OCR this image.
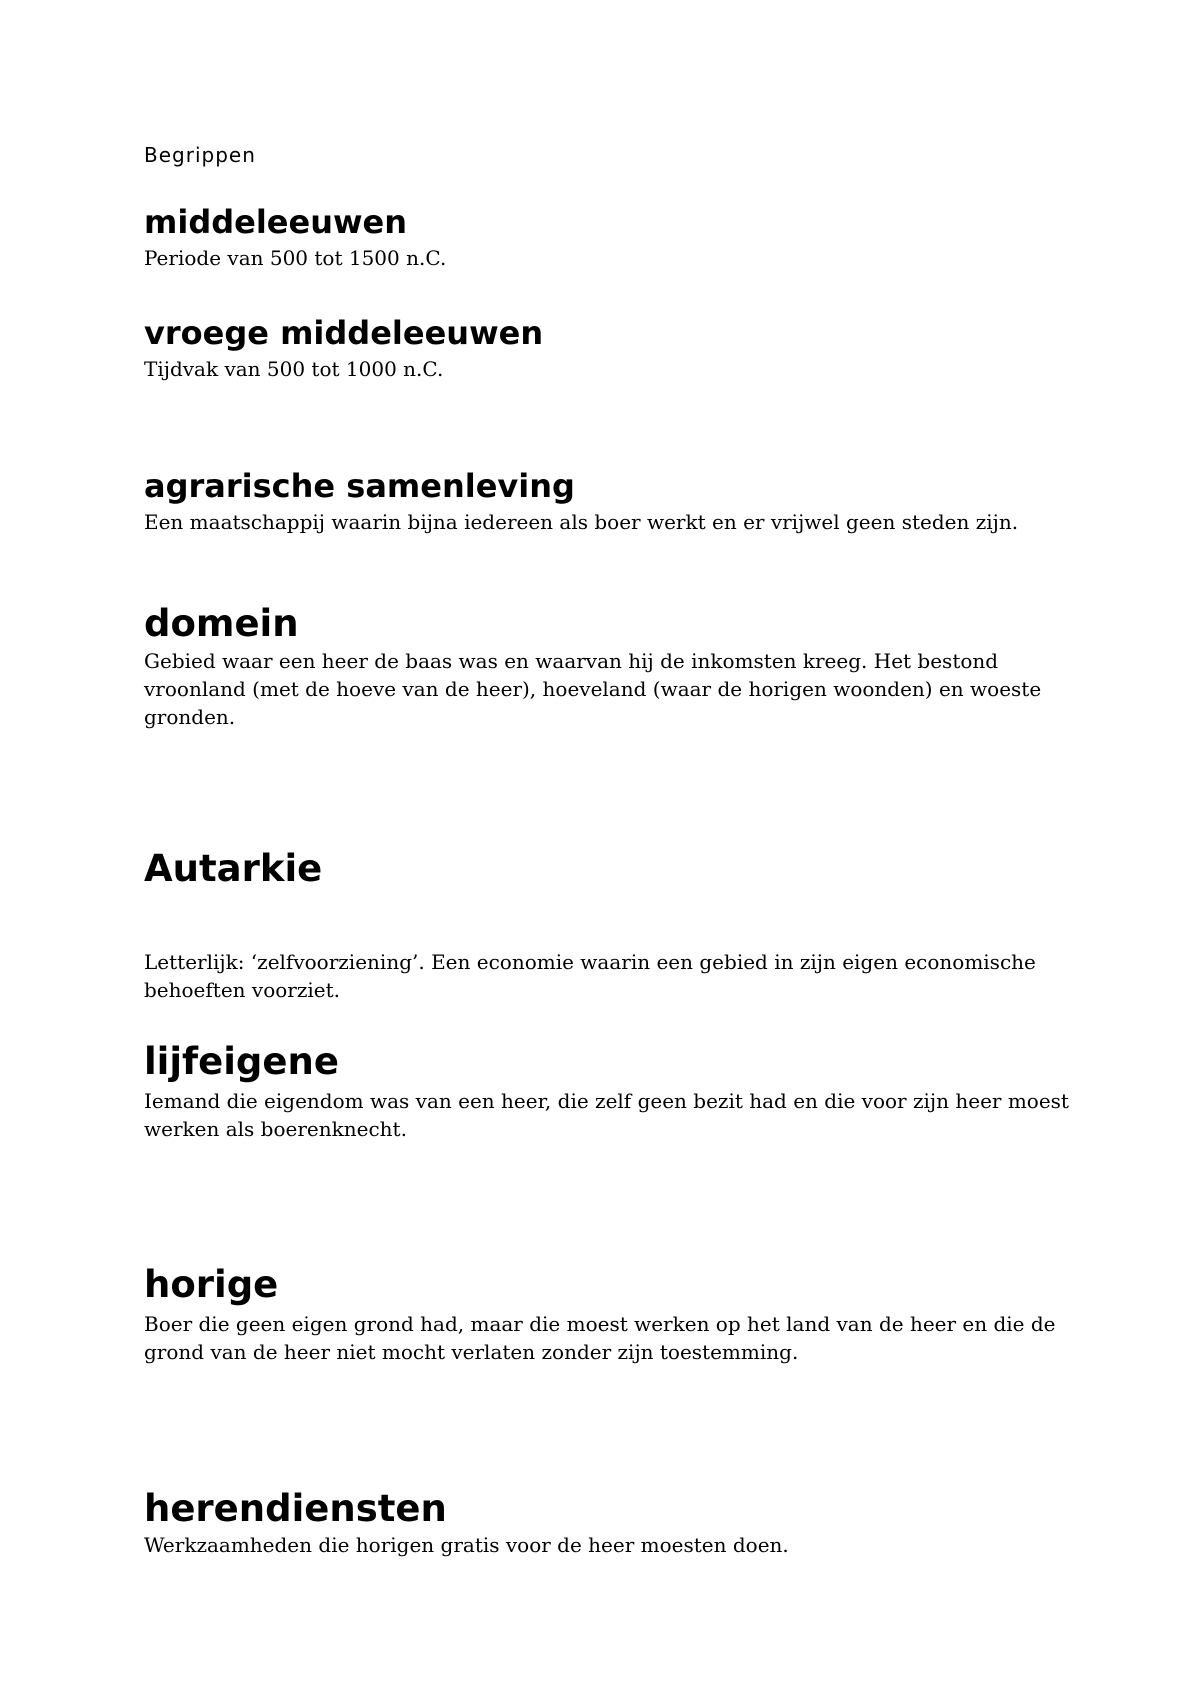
Begrippen
middeleeuwen

Periode van 500 tot 1500 n.C.

vroege middeleeuwen

Tijdvak van 500 tot 1000 n.C.

agrarische samenleving

Een maatschappij waarin bijna iedereen als boer werkt en er vrijwel geen steden zijn.

domein

Gebied waar een heer de baas was en waarvan hij de inkomsten kreeg. Het bestond vroonland (met de hoeve van de heer), hoeveland (waar de horigen woonden) en woeste gronden.

Autarkie

Letterlijk: ‘zelfvoorziening’. Een economie waarin een gebied in zijn eigen economische behoeften voorziet.

lijfeigene

Iemand die eigendom was van een heer, die zelf geen bezit had en die voor zijn heer moest werken als boerenknecht.

horige

Boer die geen eigen grond had, maar die moest werken op het land van de heer en die de grond van de heer niet mocht verlaten zonder zijn toestemming.

herendiensten

Werkzaamheden die horigen gratis voor de heer moesten doen.
